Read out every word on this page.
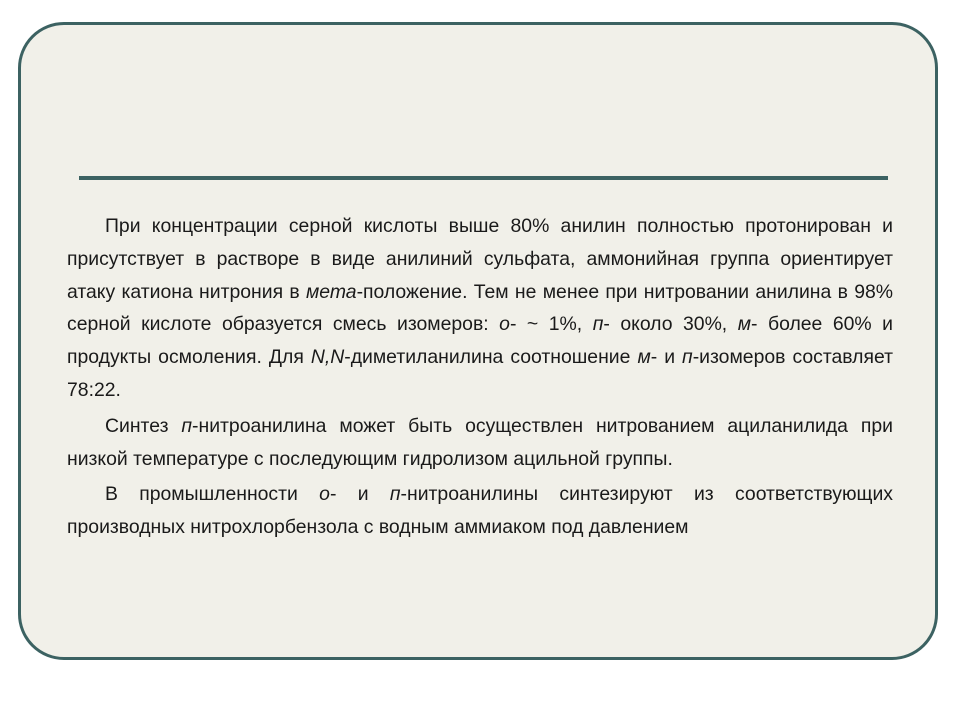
При концентрации серной кислоты выше 80% анилин полностью протонирован и присутствует в растворе в виде анилиний сульфата, аммонийная группа ориентирует атаку катиона нитрония в мета-положение. Тем не менее при нитровании анилина в 98% серной кислоте образуется смесь изомеров: о- ~ 1%, п- около 30%, м- более 60% и продукты осмоления. Для N,N-диметиланилина соотношение м- и п-изомеров составляет 78:22.

Синтез п-нитроанилина может быть осуществлен нитрованием ациланилида при низкой температуре с последующим гидролизом ацильной группы.

В промышленности о- и п-нитроанилины синтезируют из соответствующих производных нитрохлорбензола с водным аммиаком под давлением
